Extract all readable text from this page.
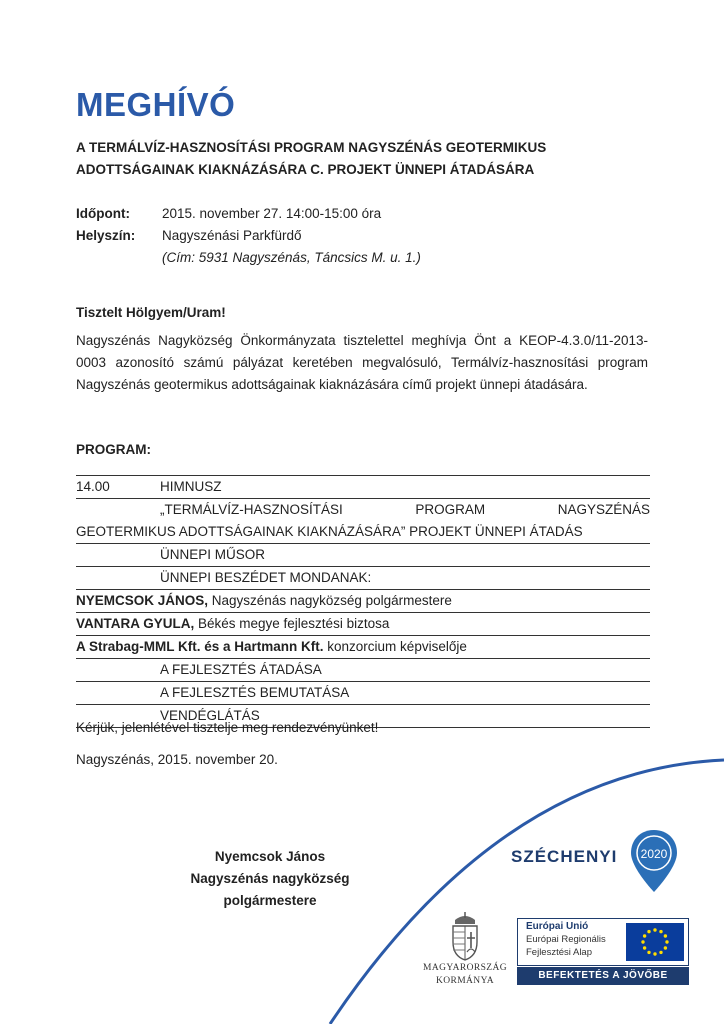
MEGHÍVÓ

A TERMÁLVÍZ-HASZNOSÍTÁSI PROGRAM NAGYSZÉNÁS GEOTERMIKUS ADOTTSÁGAINAK KIAKNÁZÁSÁRA C. PROJEKT ÜNNEPI ÁTADÁSÁRA

Időpont: 2015. november 27. 14:00-15:00 óra
Helyszín: Nagyszénási Parkfürdő
(Cím: 5931 Nagyszénás, Táncsics M. u. 1.)
Tisztelt Hölgyem/Uram!

Nagyszénás Nagyközség Önkormányzata tisztelettel meghívja Önt a KEOP-4.3.0/11-2013-0003 azonosító számú pályázat keretében megvalósuló, Termálvíz-hasznosítási program Nagyszénás geotermikus adottságainak kiaknázására című projekt ünnepi átadására.

PROGRAM:
14.00	HIMNUSZ
„TERMÁLVÍZ-HASZNOSÍTÁSI	PROGRAM	NAGYSZÉNÁS
GEOTERMIKUS ADOTTSÁGAINAK KIAKNÁZÁSÁRA” PROJEKT ÜNNEPI ÁTADÁS
ÜNNEPI MŰSOR
ÜNNEPI BESZÉDET MONDANAK:
NYEMCSOK JÁNOS, Nagyszénás nagyközség polgármestere
VANTARA GYULA, Békés megye fejlesztési biztosa
A Strabag-MML Kft. és a Hartmann Kft. konzorcium képviselője
A FEJLESZTÉS ÁTADÁSA
A FEJLESZTÉS BEMUTATÁSA
VENDÉGLÁTÁS
Kérjük, jelenlétével tisztelje meg rendezvényünket!
Nagyszénás, 2015. november 20.
Nyemcsok János
Nagyszénás nagyközség
polgármestere
SZÉCHENYI 2020
MAGYARORSZÁG
KORMÁNYA
Európai Unió
Európai Regionális
Fejlesztési Alap
BEFEKTETÉS A JÖVŐBE
